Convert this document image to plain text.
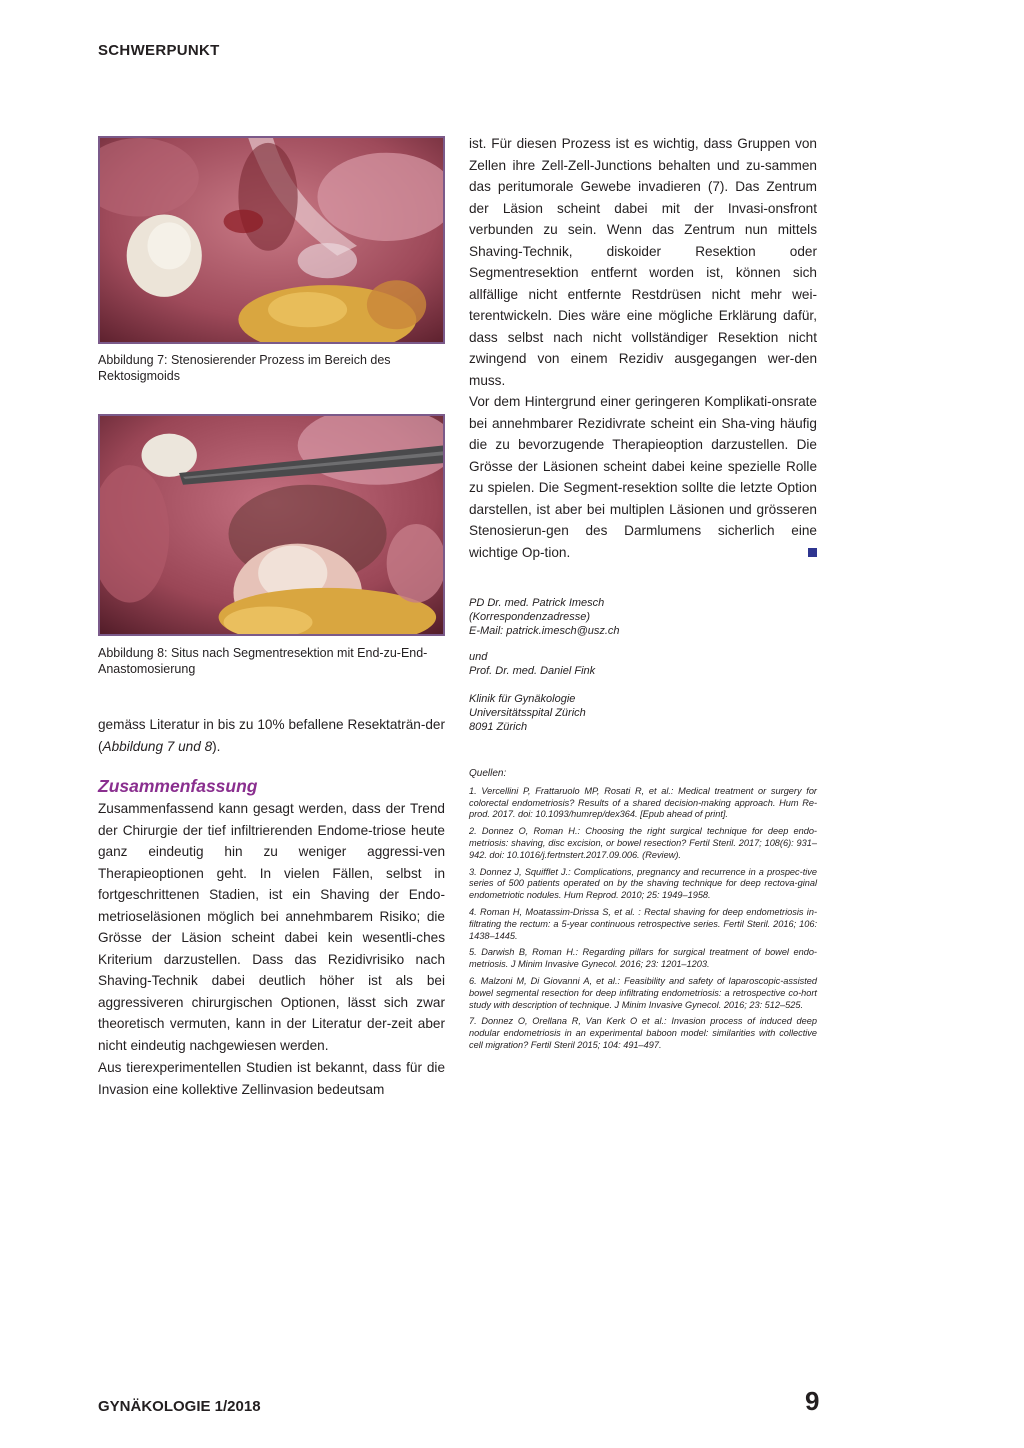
SCHWERPUNKT
Abbildung 7: Stenosierender Prozess im Bereich des Rektosigmoids
Abbildung 8: Situs nach Segmentresektion mit End-zu-End-Anastomosierung
gemäss Literatur in bis zu 10% befallene Resektaträn-der (Abbildung 7 und 8).
Zusammenfassung

Zusammenfassend kann gesagt werden, dass der Trend der Chirurgie der tief infiltrierenden Endome-triose heute ganz eindeutig hin zu weniger aggressi-ven Therapieoptionen geht. In vielen Fällen, selbst in fortgeschrittenen Stadien, ist ein Shaving der Endo-metrioseläsionen möglich bei annehmbarem Risiko; die Grösse der Läsion scheint dabei kein wesentli-ches Kriterium darzustellen. Dass das Rezidivrisiko nach Shaving-Technik dabei deutlich höher ist als bei aggressiveren chirurgischen Optionen, lässt sich zwar theoretisch vermuten, kann in der Literatur der-zeit aber nicht eindeutig nachgewiesen werden.

Aus tierexperimentellen Studien ist bekannt, dass für die Invasion eine kollektive Zellinvasion bedeutsam

ist. Für diesen Prozess ist es wichtig, dass Gruppen von Zellen ihre Zell-Zell-Junctions behalten und zu-sammen das peritumorale Gewebe invadieren (7). Das Zentrum der Läsion scheint dabei mit der Invasi-onsfront verbunden zu sein. Wenn das Zentrum nun mittels Shaving-Technik, diskoider Resektion oder Segmentresektion entfernt worden ist, können sich allfällige nicht entfernte Restdrüsen nicht mehr wei-terentwickeln. Dies wäre eine mögliche Erklärung dafür, dass selbst nach nicht vollständiger Resektion nicht zwingend von einem Rezidiv ausgegangen wer-den muss.

Vor dem Hintergrund einer geringeren Komplikati-onsrate bei annehmbarer Rezidivrate scheint ein Sha-ving häufig die zu bevorzugende Therapieoption darzustellen. Die Grösse der Läsionen scheint dabei keine spezielle Rolle zu spielen. Die Segment-resektion sollte die letzte Option darstellen, ist aber bei multiplen Läsionen und grösseren Stenosierun-gen des Darmlumens sicherlich eine wichtige Op-tion.

PD Dr. med. Patrick Imesch
(Korrespondenzadresse)
E-Mail: patrick.imesch@usz.ch
und
Prof. Dr. med. Daniel Fink
Klinik für Gynäkologie
Universitätsspital Zürich
8091 Zürich
Quellen:
1. Vercellini P, Frattaruolo MP, Rosati R, et al.: Medical treatment or surgery for colorectal endometriosis? Results of a shared decision-making approach. Hum Re-prod. 2017. doi: 10.1093/humrep/dex364. [Epub ahead of print].
2. Donnez O, Roman H.: Choosing the right surgical technique for deep endo-metriosis: shaving, disc excision, or bowel resection? Fertil Steril. 2017; 108(6): 931–942. doi: 10.1016/j.fertnstert.2017.09.006. (Review).
3. Donnez J, Squifflet J.: Complications, pregnancy and recurrence in a prospec-tive series of 500 patients operated on by the shaving technique for deep rectova-ginal endometriotic nodules. Hum Reprod. 2010; 25: 1949–1958.
4. Roman H, Moatassim-Drissa S, et al. : Rectal shaving for deep endometriosis in-filtrating the rectum: a 5-year continuous retrospective series. Fertil Steril. 2016; 106: 1438–1445.
5. Darwish B, Roman H.: Regarding pillars for surgical treatment of bowel endo-metriosis. J Minim Invasive Gynecol. 2016; 23: 1201–1203.
6. Malzoni M, Di Giovanni A, et al.: Feasibility and safety of laparoscopic-assisted bowel segmental resection for deep infiltrating endometriosis: a retrospective co-hort study with description of technique. J Minim Invasive Gynecol. 2016; 23: 512–525.
7. Donnez O, Orellana R, Van Kerk O et al.: Invasion process of induced deep nodular endometriosis in an experimental baboon model: similarities with collective cell migration? Fertil Steril 2015; 104: 491–497.
GYNÄKOLOGIE 1/2018	9
